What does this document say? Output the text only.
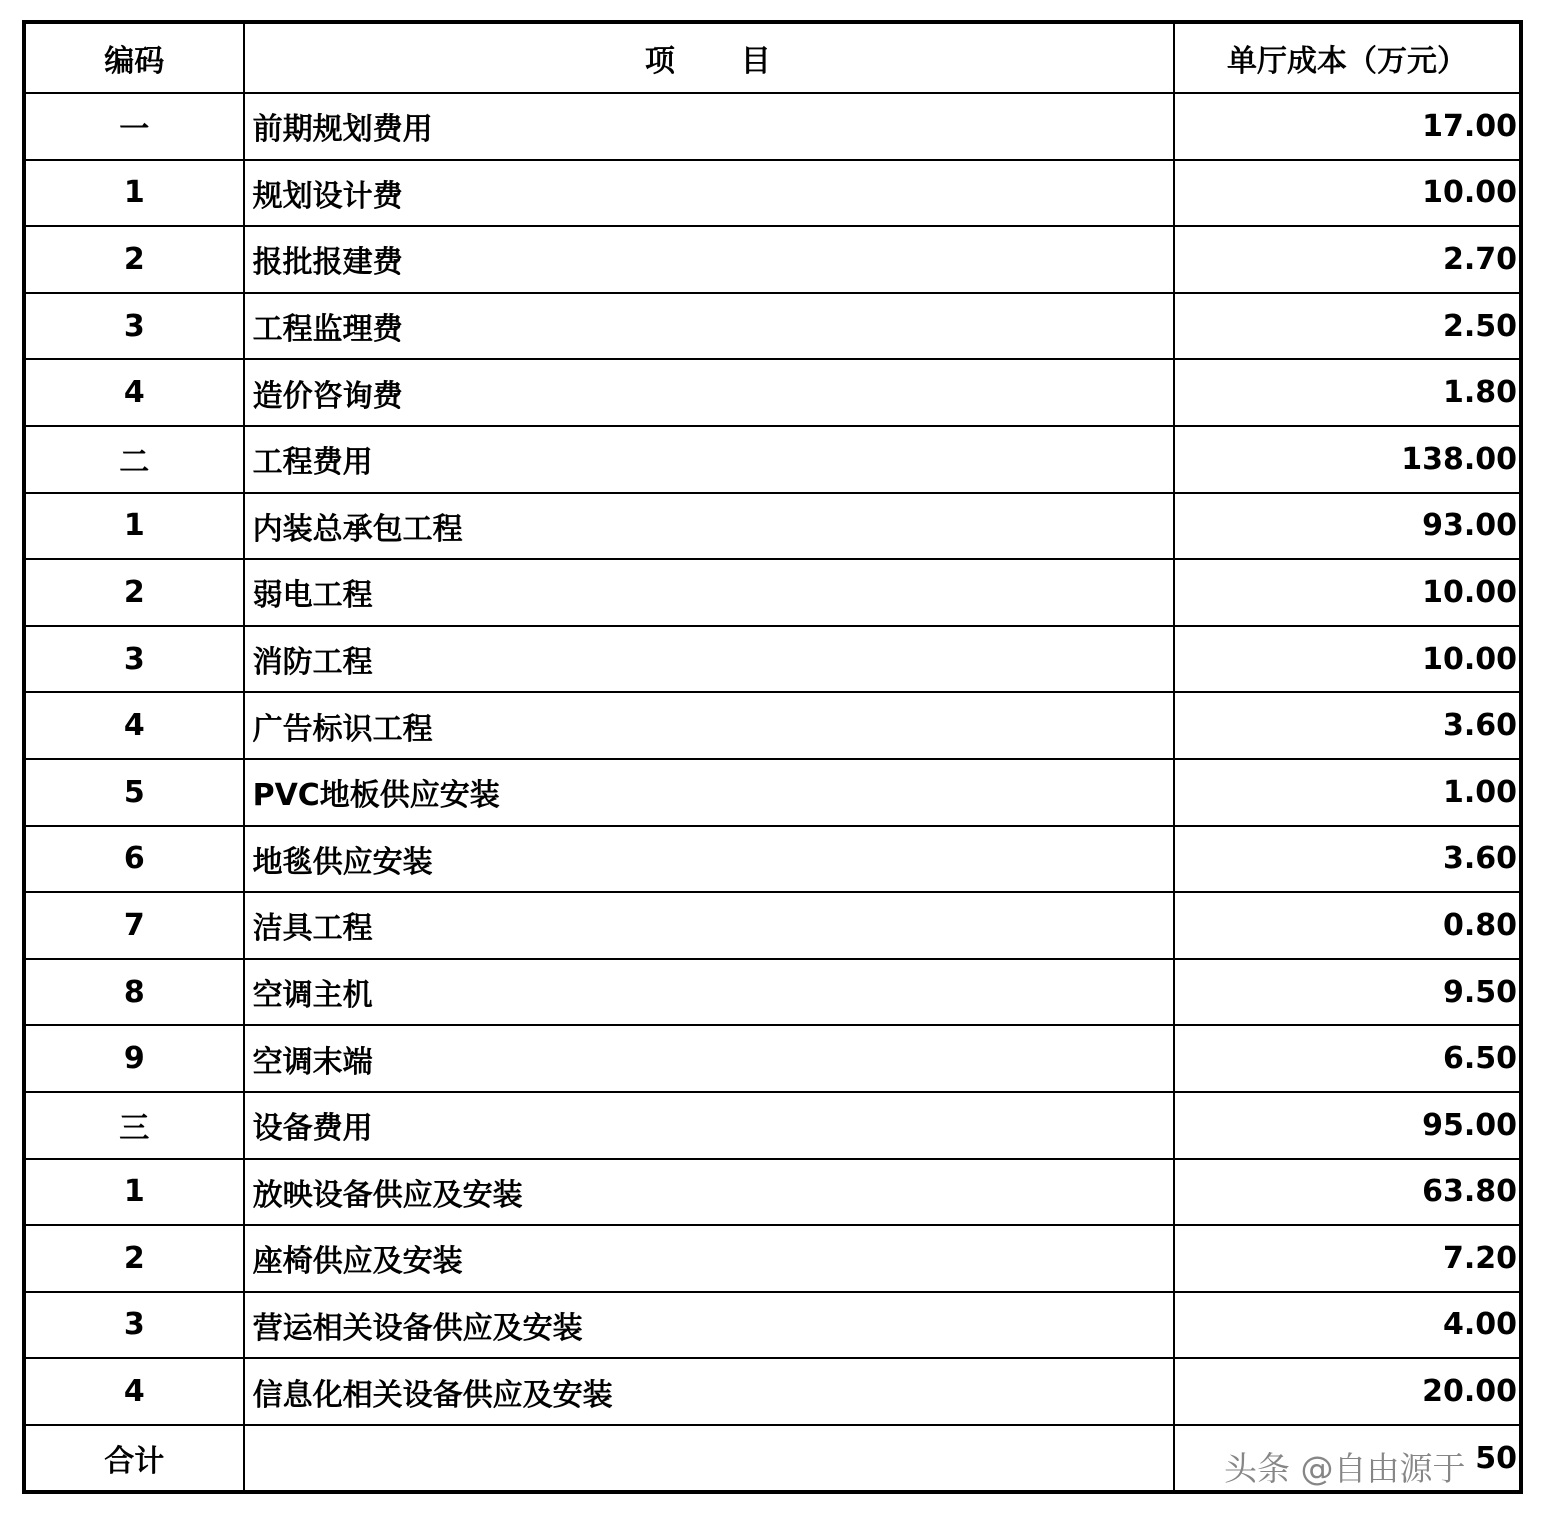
编码	项　　目	单厅成本（万元）
一	前期规划费用	17.00
1	规划设计费	10.00
2	报批报建费	2.70
3	工程监理费	2.50
4	造价咨询费	1.80
二	工程费用	138.00
1	内装总承包工程	93.00
2	弱电工程	10.00
3	消防工程	10.00
4	广告标识工程	3.60
5	PVC地板供应安装	1.00
6	地毯供应安装	3.60
7	洁具工程	0.80
8	空调主机	9.50
9	空调末端	6.50
三	设备费用	95.00
1	放映设备供应及安装	63.80
2	座椅供应及安装	7.20
3	营运相关设备供应及安装	4.00
4	信息化相关设备供应及安装	20.00
合计		50
头条 @自由源于
